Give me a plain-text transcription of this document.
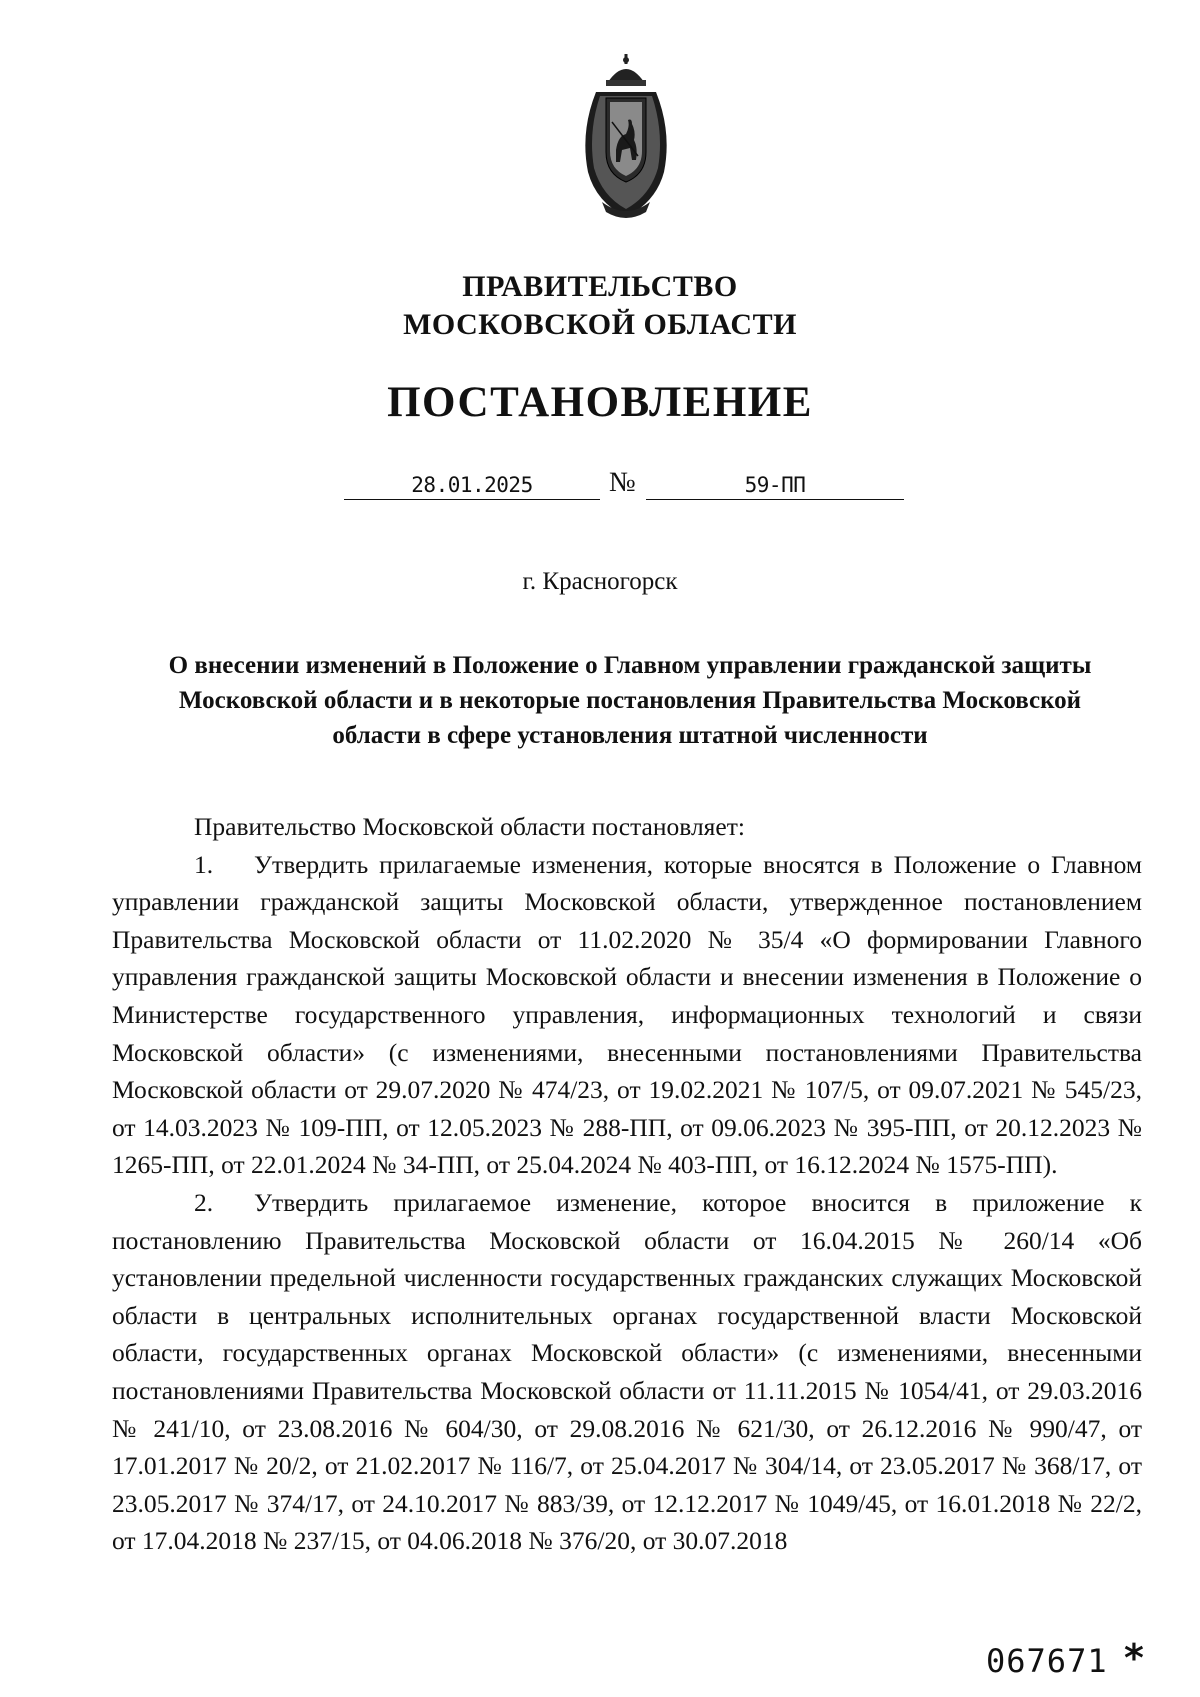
ПРАВИТЕЛЬСТВО
МОСКОВСКОЙ ОБЛАСТИ
ПОСТАНОВЛЕНИЕ
28.01.2025	№	59-ПП
г. Красногорск
О внесении изменений в Положение о Главном управлении гражданской защиты Московской области и в некоторые постановления Правительства Московской области в сфере установления штатной численности

Правительство Московской области постановляет:

1. Утвердить прилагаемые изменения, которые вносятся в Положение о Главном управлении гражданской защиты Московской области, утвержденное постановлением Правительства Московской области от 11.02.2020 № 35/4 «О формировании Главного управления гражданской защиты Московской области и внесении изменения в Положение о Министерстве государственного управления, информационных технологий и связи Московской области» (с изменениями, внесенными постановлениями Правительства Московской области от 29.07.2020 № 474/23, от 19.02.2021 № 107/5, от 09.07.2021 № 545/23, от 14.03.2023 № 109-ПП, от 12.05.2023 № 288-ПП, от 09.06.2023 № 395-ПП, от 20.12.2023 № 1265-ПП, от 22.01.2024 № 34-ПП, от 25.04.2024 № 403-ПП, от 16.12.2024 № 1575-ПП).

2. Утвердить прилагаемое изменение, которое вносится в приложение к постановлению Правительства Московской области от 16.04.2015 № 260/14 «Об установлении предельной численности государственных гражданских служащих Московской области в центральных исполнительных органах государственной власти Московской области, государственных органах Московской области» (с изменениями, внесенными постановлениями Правительства Московской области от 11.11.2015 № 1054/41, от 29.03.2016 № 241/10, от 23.08.2016 № 604/30, от 29.08.2016 № 621/30, от 26.12.2016 № 990/47, от 17.01.2017 № 20/2, от 21.02.2017 № 116/7, от 25.04.2017 № 304/14, от 23.05.2017 № 368/17, от 23.05.2017 № 374/17, от 24.10.2017 № 883/39, от 12.12.2017 № 1049/45, от 16.01.2018 № 22/2, от 17.04.2018 № 237/15, от 04.06.2018 № 376/20, от 30.07.2018

067671 *
